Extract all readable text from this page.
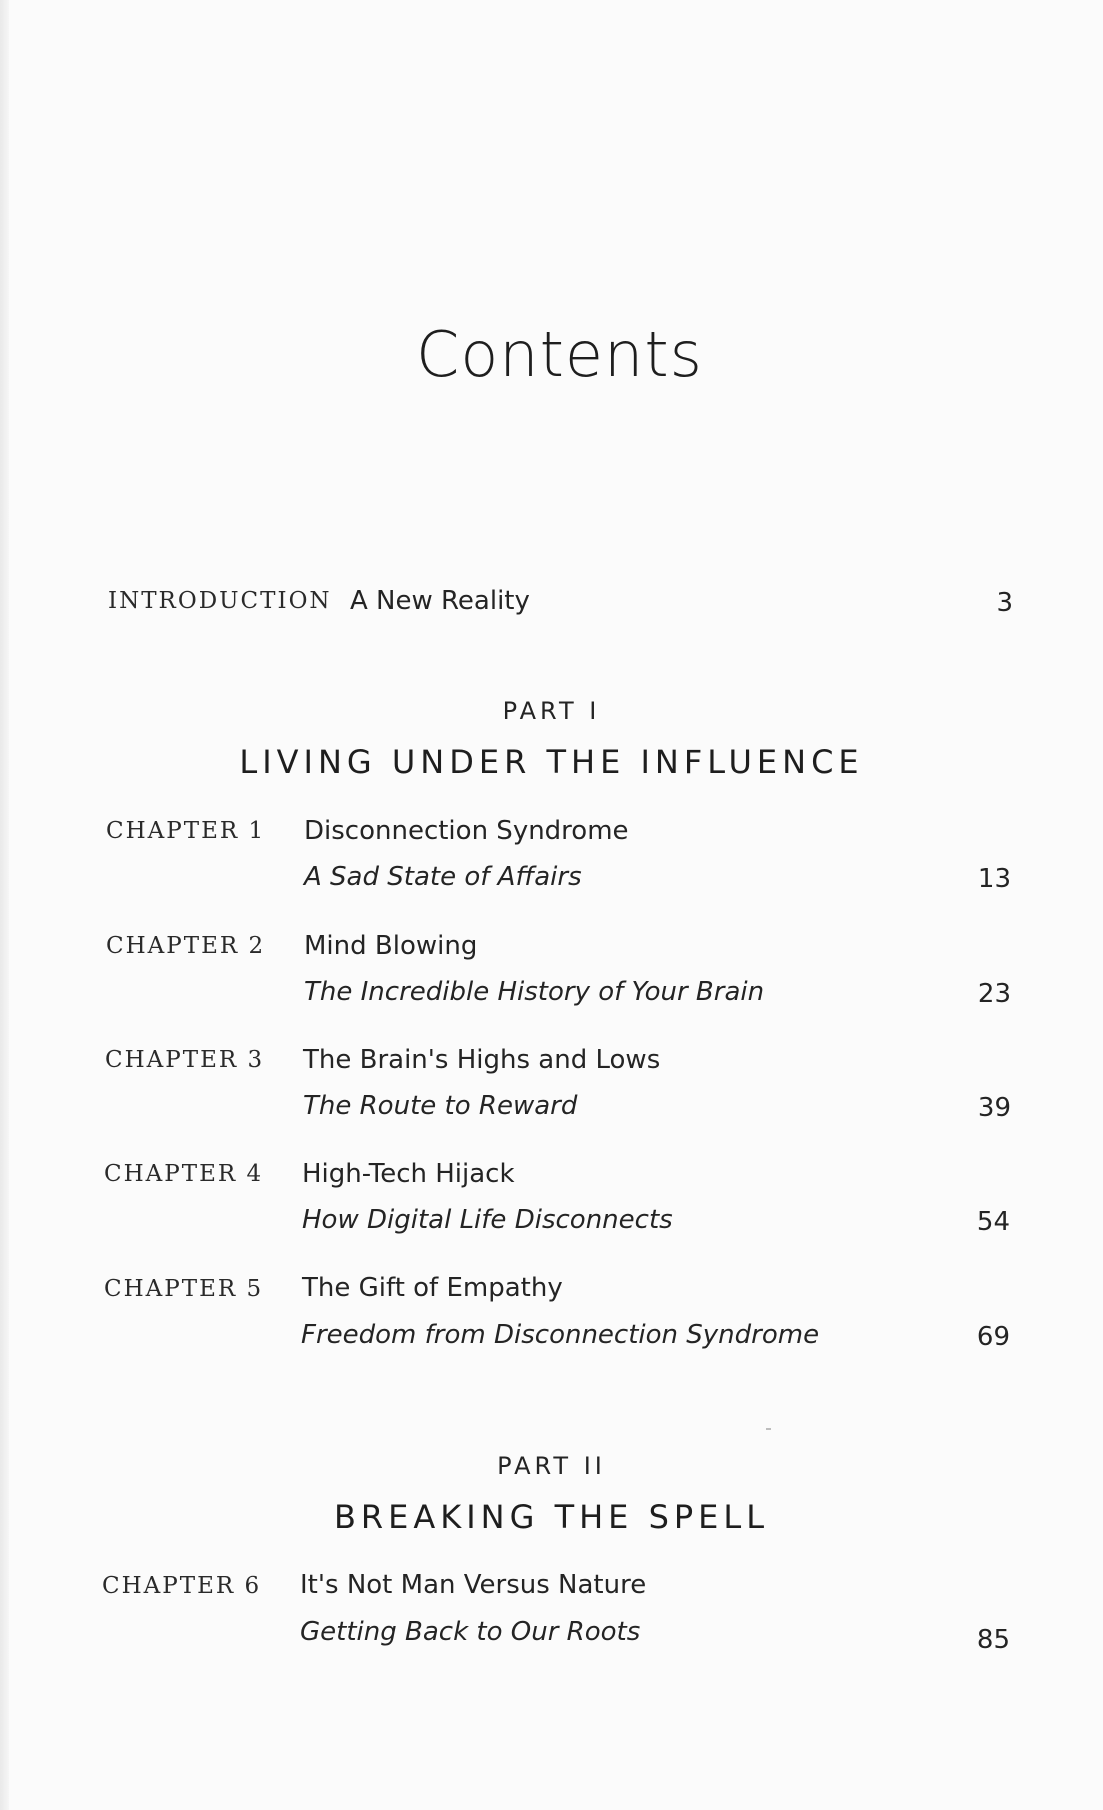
Contents
INTRODUCTION A New Reality	3
PART I
LIVING UNDER THE INFLUENCE
CHAPTER 1 Disconnection Syndrome
A Sad State of Affairs	13
CHAPTER 2 Mind Blowing
The Incredible History of Your Brain	23
CHAPTER 3 The Brain's Highs and Lows
The Route to Reward	39
CHAPTER 4 High-Tech Hijack
How Digital Life Disconnects	54
CHAPTER 5 The Gift of Empathy
Freedom from Disconnection Syndrome	69
PART II
BREAKING THE SPELL
CHAPTER 6 It's Not Man Versus Nature
Getting Back to Our Roots	85
